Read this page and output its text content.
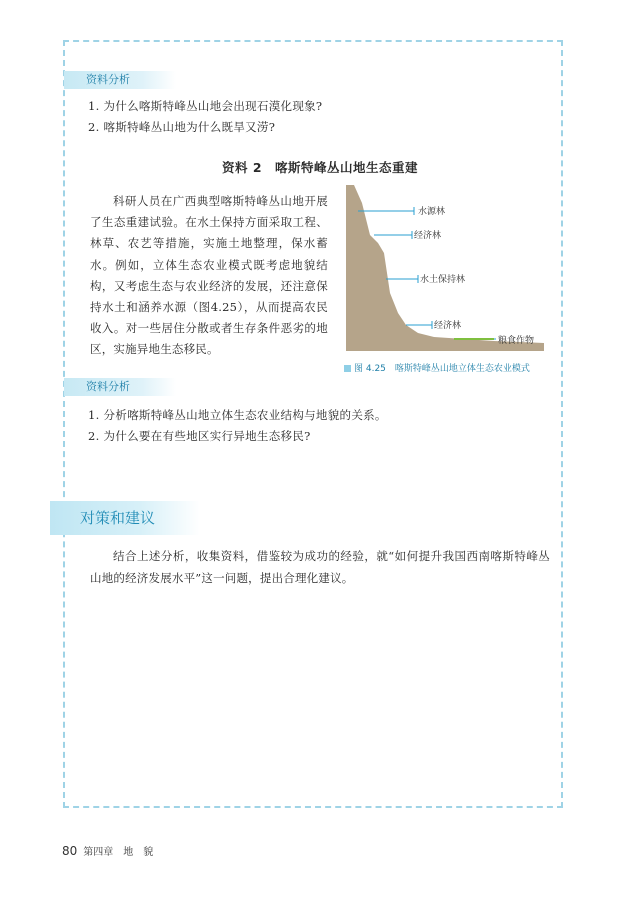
资料分析
1. 为什么喀斯特峰丛山地会出现石漠化现象?
2. 喀斯特峰丛山地为什么既旱又涝?
资料 2　喀斯特峰丛山地生态重建
科研人员在广西典型喀斯特峰丛山地开展了生态重建试验。在水土保持方面采取工程、林草、农艺等措施，实施土地整理，保水蓄水。例如，立体生态农业模式既考虑地貌结构，又考虑生态与农业经济的发展，还注意保持水土和涵养水源（图4.25），从而提高农民收入。对一些居住分散或者生存条件恶劣的地区，实施异地生态移民。
水源林
经济林
水土保持林
经济林
粮食作物
图 4.25　喀斯特峰丛山地立体生态农业模式
资料分析
1. 分析喀斯特峰丛山地立体生态农业结构与地貌的关系。
2. 为什么要在有些地区实行异地生态移民?
对策和建议
结合上述分析，收集资料，借鉴较为成功的经验，就“如何提升我国西南喀斯特峰丛山地的经济发展水平”这一问题，提出合理化建议。
80 第四章　地　貌
